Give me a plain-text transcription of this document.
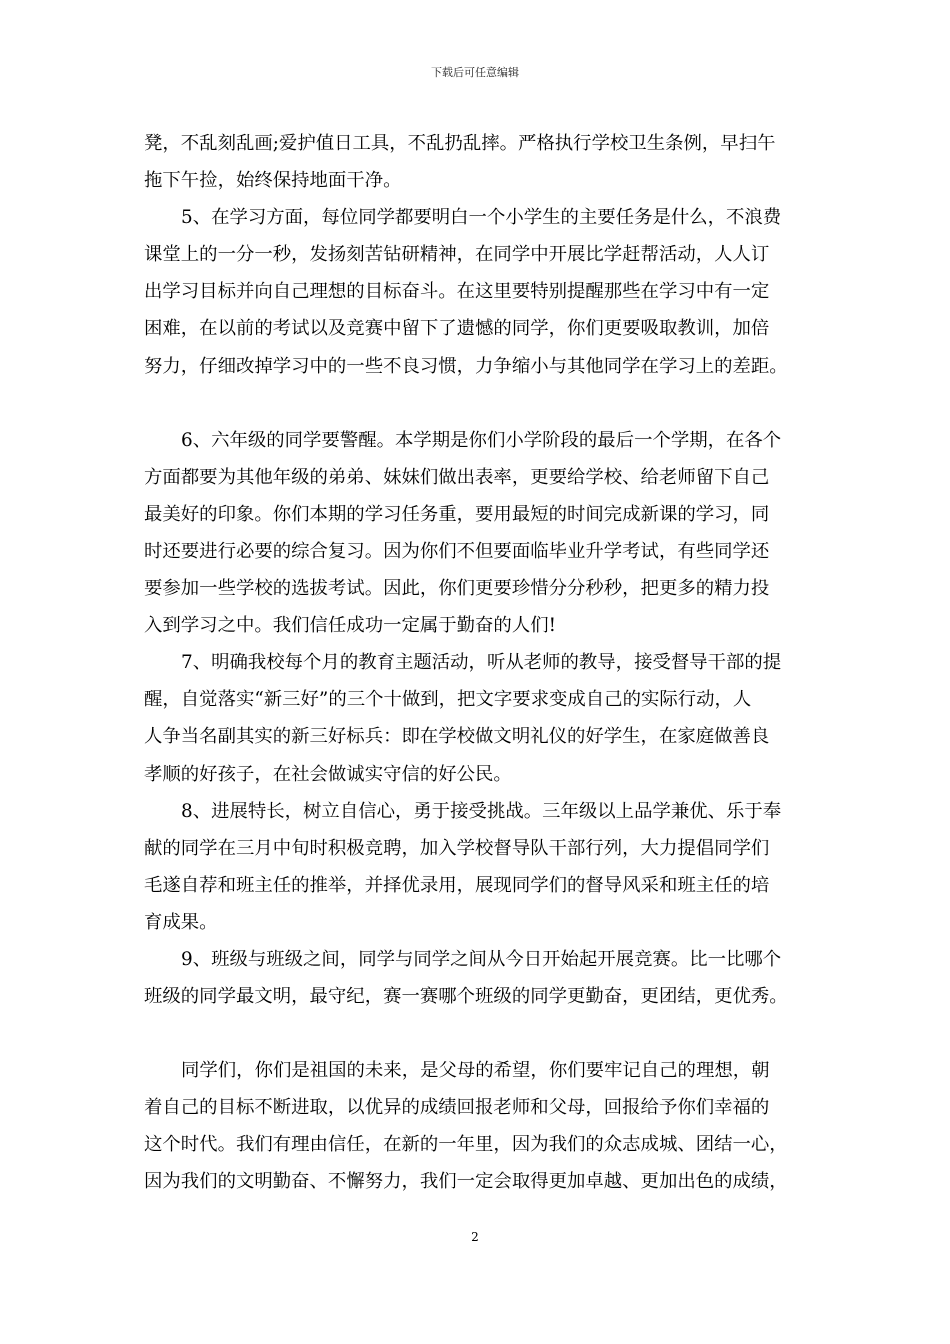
下载后可任意编辑

凳，不乱刻乱画;爱护值日工具，不乱扔乱摔。严格执行学校卫生条例，早扫午
拖下午捡，始终保持地面干净。

5、在学习方面，每位同学都要明白一个小学生的主要任务是什么，不浪费
课堂上的一分一秒，发扬刻苦钻研精神，在同学中开展比学赶帮活动，人人订
出学习目标并向自己理想的目标奋斗。在这里要特别提醒那些在学习中有一定
困难，在以前的考试以及竞赛中留下了遗憾的同学，你们更要吸取教训，加倍
努力，仔细改掉学习中的一些不良习惯，力争缩小与其他同学在学习上的差距。

6、六年级的同学要警醒。本学期是你们小学阶段的最后一个学期，在各个
方面都要为其他年级的弟弟、妹妹们做出表率，更要给学校、给老师留下自己
最美好的印象。你们本期的学习任务重，要用最短的时间完成新课的学习，同
时还要进行必要的综合复习。因为你们不但要面临毕业升学考试，有些同学还
要参加一些学校的选拔考试。因此，你们更要珍惜分分秒秒，把更多的精力投
入到学习之中。我们信任成功一定属于勤奋的人们!

7、明确我校每个月的教育主题活动，听从老师的教导，接受督导干部的提
醒，自觉落实“新三好”的三个十做到，把文字要求变成自己的实际行动，人
人争当名副其实的新三好标兵：即在学校做文明礼仪的好学生，在家庭做善良
孝顺的好孩子，在社会做诚实守信的好公民。

8、进展特长，树立自信心，勇于接受挑战。三年级以上品学兼优、乐于奉
献的同学在三月中旬时积极竞聘，加入学校督导队干部行列，大力提倡同学们
毛遂自荐和班主任的推举，并择优录用，展现同学们的督导风采和班主任的培
育成果。

9、班级与班级之间，同学与同学之间从今日开始起开展竞赛。比一比哪个
班级的同学最文明，最守纪，赛一赛哪个班级的同学更勤奋，更团结，更优秀。

同学们，你们是祖国的未来，是父母的希望，你们要牢记自己的理想，朝
着自己的目标不断进取，以优异的成绩回报老师和父母，回报给予你们幸福的
这个时代。我们有理由信任，在新的一年里，因为我们的众志成城、团结一心，
因为我们的文明勤奋、不懈努力，我们一定会取得更加卓越、更加出色的成绩，

2
